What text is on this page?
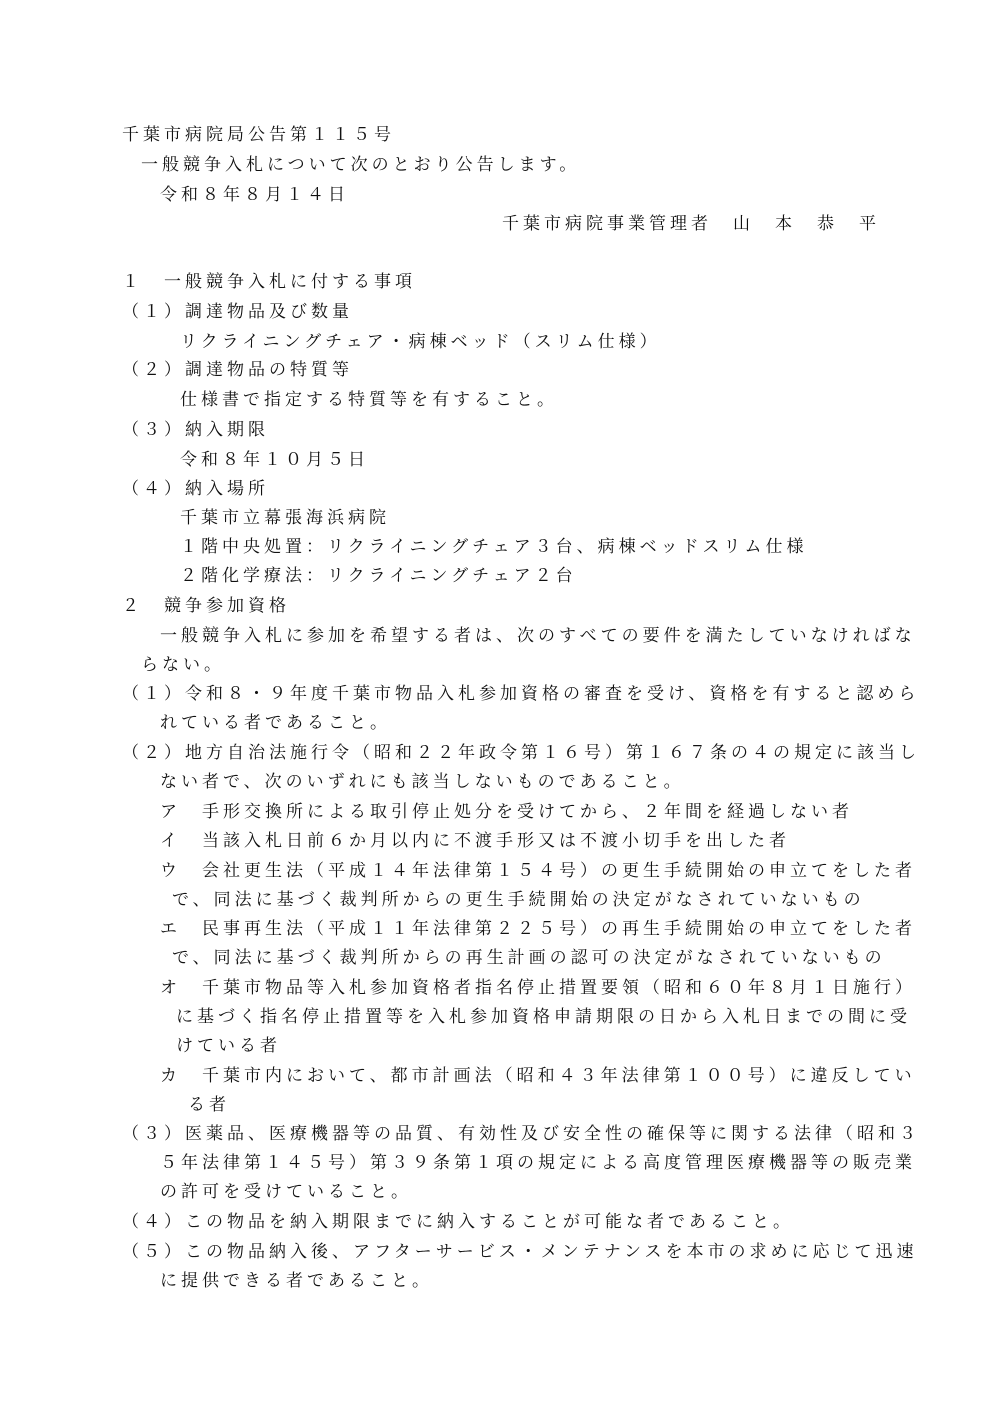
千葉市病院局公告第１１５号
一般競争入札について次のとおり公告します。
令和８年８月１４日
千葉市病院事業管理者　山　本　恭　平
１　一般競争入札に付する事項
（１）調達物品及び数量
リクライニングチェア・病棟ベッド（スリム仕様）
（２）調達物品の特質等
仕様書で指定する特質等を有すること。
（３）納入期限
令和８年１０月５日
（４）納入場所
千葉市立幕張海浜病院
１階中央処置：リクライニングチェア３台、病棟ベッドスリム仕様
２階化学療法：リクライニングチェア２台
２　競争参加資格
一般競争入札に参加を希望する者は、次のすべての要件を満たしていなければな
らない。
（１）令和８・９年度千葉市物品入札参加資格の審査を受け、資格を有すると認めら
れている者であること。
（２）地方自治法施行令（昭和２２年政令第１６号）第１６７条の４の規定に該当し
ない者で、次のいずれにも該当しないものであること。
ア　手形交換所による取引停止処分を受けてから、２年間を経過しない者
イ　当該入札日前６か月以内に不渡手形又は不渡小切手を出した者
ウ　会社更生法（平成１４年法律第１５４号）の更生手続開始の申立てをした者
で、同法に基づく裁判所からの更生手続開始の決定がなされていないもの
エ　民事再生法（平成１１年法律第２２５号）の再生手続開始の申立てをした者
で、同法に基づく裁判所からの再生計画の認可の決定がなされていないもの
オ　千葉市物品等入札参加資格者指名停止措置要領（昭和６０年８月１日施行）
に基づく指名停止措置等を入札参加資格申請期限の日から入札日までの間に受
けている者
カ　千葉市内において、都市計画法（昭和４３年法律第１００号）に違反してい
る者
（３）医薬品、医療機器等の品質、有効性及び安全性の確保等に関する法律（昭和３
５年法律第１４５号）第３９条第１項の規定による高度管理医療機器等の販売業
の許可を受けていること。
（４）この物品を納入期限までに納入することが可能な者であること。
（５）この物品納入後、アフターサービス・メンテナンスを本市の求めに応じて迅速
に提供できる者であること。
